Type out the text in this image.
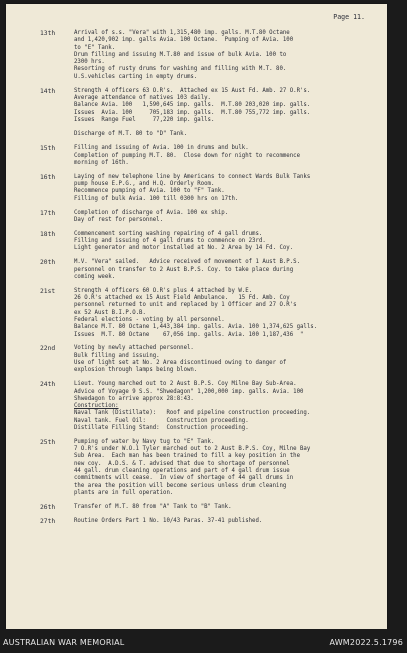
Page 11.
13th	Arrival of s.s. "Vera" with 1,315,480 imp. galls. M.T.80 Octane
and 1,420,902 imp. galls Avia. 100 Octane.  Pumping of Avia. 100
to "E" Tank.
Drum filling and issuing M.T.80 and issue of bulk Avia. 100 to
2300 hrs.
Resorting of rusty drums for washing and filling with M.T. 80.
U.S.vehicles carting in empty drums.
14th	Strength 4 officers 63 O.R's.  Attached ex 15 Aust Fd. Amb. 27 O.R's.
Average attendance of natives 103 daily.
Balance Avia. 100   1,590,645 imp. galls.  M.T.80 203,020 imp. galls.
Issues  Avia. 100     705,183 imp. galls.  M.T.80 755,772 imp. galls.
Issues  Range Fuel     77,220 imp. galls.
Discharge of M.T. 80 to "D" Tank.
15th	Filling and issuing of Avia. 100 in drums and bulk.
Completion of pumping M.T. 80.  Close down for night to recommence
morning of 16th.
16th	Laying of new telephone line by Americans to connect Wards Bulk Tanks
pump house E.P.G., and H.Q. Orderly Room.
Recommence pumping of Avia. 100 to "F" Tank.
Filling of bulk Avia. 100 till 0300 hrs on 17th.
17th	Completion of discharge of Avia. 100 ex ship.
Day of rest for personnel.
18th	Commencement sorting washing repairing of 4 gall drums.
Filling and issuing of 4 gall drums to commence on 23rd.
Light generator and motor installed at No. 2 Area by 14 Fd. Coy.
20th	M.V. "Vera" sailed.   Advice received of movement of 1 Aust B.P.S.
personnel on transfer to 2 Aust B.P.S. Coy. to take place during
coming week.
21st	Strength 4 officers 60 O.R's plus 4 attached by W.E.
26 O.R's attached ex 15 Aust Field Ambulance.   15 Fd. Amb. Coy
personnel returned to unit and replaced by 1 Officer and 27 O.R's
ex 52 Aust B.I.P.O.B.
Federal elections - voting by all personnel.
Balance M.T. 80 Octane 1,443,384 imp. galls. Avia. 100 1,374,625 galls.
Issues  M.T. 80 Octane    67,056 imp. galls. Avia. 100 1,187,436  "
22nd	Voting by newly attached personnel.
Bulk filling and issuing.
Use of light set at No. 2 Area discontinued owing to danger of
explosion through lamps being blown.
24th	Lieut. Young marched out to 2 Aust B.P.S. Coy Milne Bay Sub-Area.
Advice of Voyage 9 S.S. "Shwedagon" 1,200,000 imp. galls. Avia. 100
Shwedagon to arrive approx 28:8:43.
Construction:
Naval Tank (Distillate):   Roof and pipeline construction proceeding.
Naval tank. Fuel Oil:      Construction proceeding.
Distillate Filling Stand:  Construction proceeding.
25th	Pumping of water by Navy tug to "E" Tank.
7 O.R's under W.O.1 Tyler marched out to 2 Aust B.P.S. Coy, Milne Bay
Sub Area.  Each man has been trained to fill a key position in the
new coy.  A.D.S. & T. advised that due to shortage of personnel
44 gall. drum cleaning operations and part of 4 gall drum issue
commitments will cease.  In view of shortage of 44 gall drums in
the area the position will become serious unless drum cleaning
plants are in full operation.
26th	Transfer of M.T. 80 from "A" Tank to "B" Tank.
27th	Routine Orders Part 1 No. 10/43 Paras. 37-41 published.
AUSTRALIAN WAR MEMORIAL	AWM2022.5.1796
